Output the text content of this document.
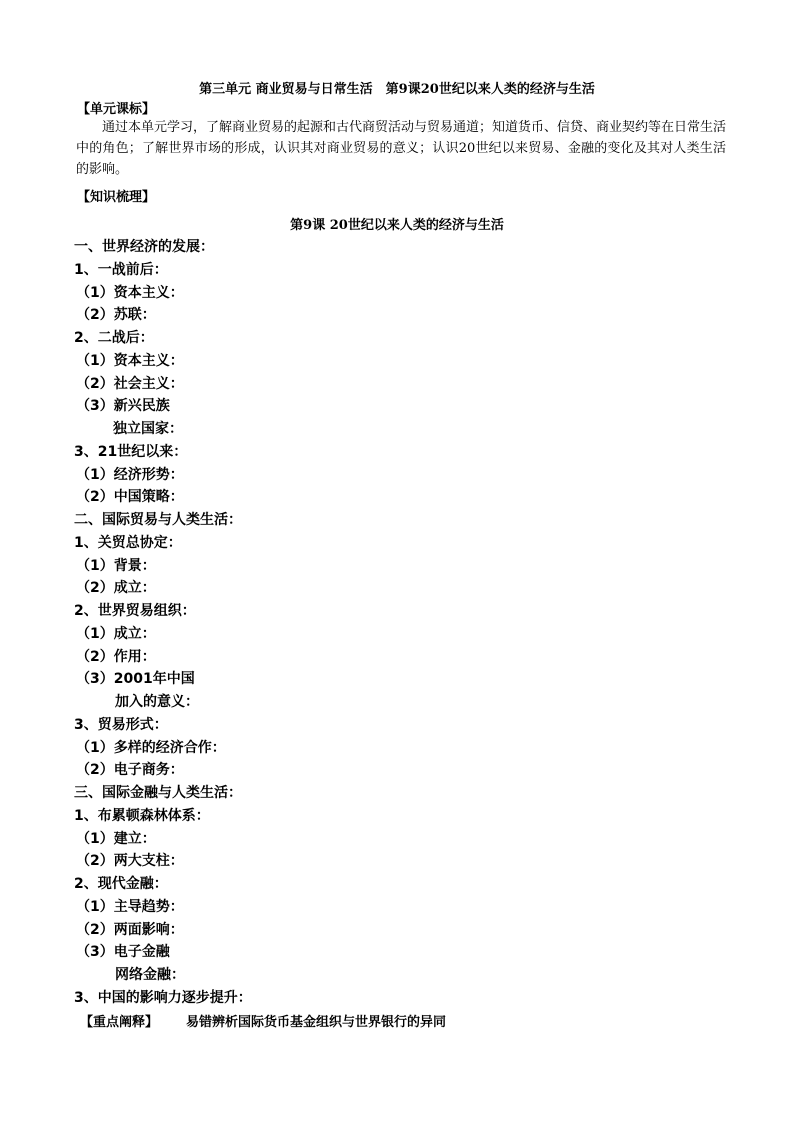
第三单元 商业贸易与日常生活　第9课20世纪以来人类的经济与生活
【单元课标】
通过本单元学习，了解商业贸易的起源和古代商贸活动与贸易通道；知道货币、信贷、商业契约等在日常生活中的角色；了解世界市场的形成，认识其对商业贸易的意义；认识20世纪以来贸易、金融的变化及其对人类生活的影响。
【知识梳理】
第9课 20世纪以来人类的经济与生活
一、世界经济的发展：
1、一战前后：
（1）资本主义：
（2）苏联：
2、二战后：
（1）资本主义：
（2）社会主义：
（3）新兴民族
独立国家：
3、21世纪以来：
（1）经济形势：
（2）中国策略：
二、国际贸易与人类生活：
1、关贸总协定：
（1）背景：
（2）成立：
2、世界贸易组织：
（1）成立：
（2）作用：
（3）2001年中国
加入的意义：
3、贸易形式：
（1）多样的经济合作：
（2）电子商务：
三、国际金融与人类生活：
1、布累顿森林体系：
（1）建立：
（2）两大支柱：
2、现代金融：
（1）主导趋势：
（2）两面影响：
（3）电子金融
网络金融：
3、中国的影响力逐步提升：
【重点阐释】 易错辨析国际货币基金组织与世界银行的异同
